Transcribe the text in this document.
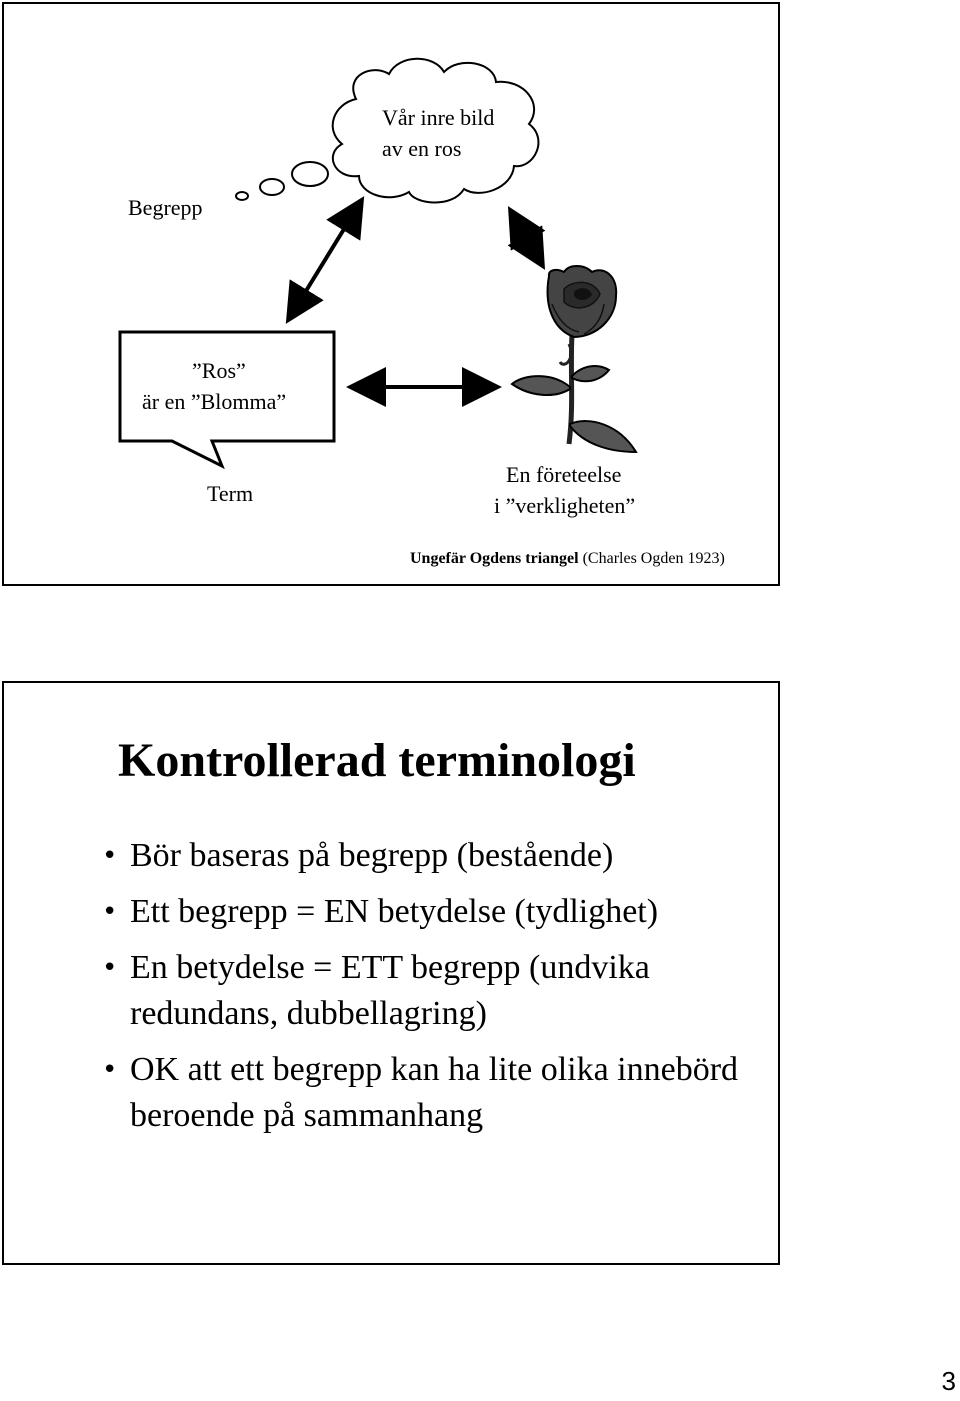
Begrepp
Vår inre bild
av en ros
”Ros”
är en ”Blomma”
Term
En företeelse
i ”verkligheten”
Ungefär Ogdens triangel (Charles Ogden 1923)
Kontrollerad terminologi
• Bör baseras på begrepp (bestående)
• Ett begrepp = EN betydelse (tydlighet)
• En betydelse = ETT begrepp (undvika redundans, dubbellagring)
• OK att ett begrepp kan ha lite olika innebörd beroende på sammanhang
3
